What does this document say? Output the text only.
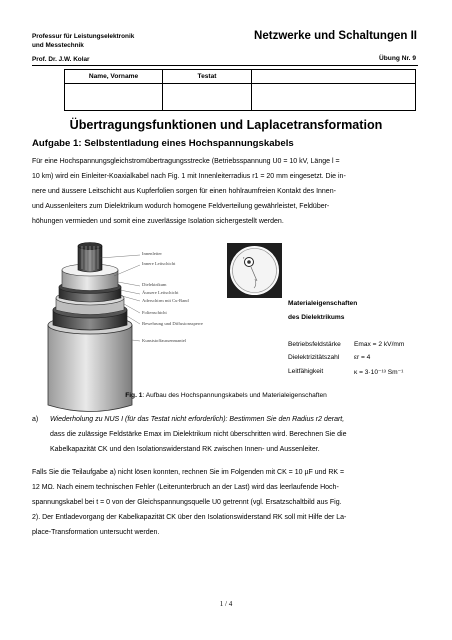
Professur für Leistungselektronik
und Messtechnik
Netzwerke und Schaltungen II
Prof. Dr. J.W. Kolar	Übung Nr. 9
Name, Vorname	Testat	

Übertragungsfunktionen und Laplacetransformation
Aufgabe 1: Selbstentladung eines Hochspannungskabels
Für eine Hochspannungsgleichstromübertragungsstrecke (Betriebsspannung U0 = 10 kV, Länge l =
10 km) wird ein Einleiter-Koaxialkabel nach Fig. 1 mit Innenleiterradius r1 = 20 mm eingesetzt. Die in-
nere und äussere Leitschicht aus Kupferfolien sorgen für einen hohlraumfreien Kontakt des Innen-
und Aussenleiters zum Dielektrikum wodurch homogene Feldverteilung gewährleistet, Feldüber-
höhungen vermieden und somit eine zuverlässige Isolation sichergestellt werden.
Innenleiter
Innere Leitschicht
Dielektrikum
Äussere Leitschicht
Aderschirm mit Cu-Band
Folienschicht
Bewehrung und Diffusionssperre
Kunststoffaussenmantel
r
Materialeigenschaften
des Dielektrikums
Betriebsfeldstärke Emax = 2 kV/mm
Dielektrizitätszahl εr = 4
Leitfähigkeit	κ = 3·10⁻¹³ Sm⁻¹
Fig. 1: Aufbau des Hochspannungskabels und Materialeigenschaften
a) Wiederholung zu NUS I (für das Testat nicht erforderlich): Bestimmen Sie den Radius r2 derart,
dass die zulässige Feldstärke Emax im Dielektrikum nicht überschritten wird. Berechnen Sie die
Kabelkapazität CK und den Isolationswiderstand RK zwischen Innen- und Aussenleiter.
Falls Sie die Teilaufgabe a) nicht lösen konnten, rechnen Sie im Folgenden mit CK = 10 µF und RK =
12 MΩ. Nach einem technischen Fehler (Leiterunterbruch an der Last) wird das leerlaufende Hoch-
spannungskabel bei t = 0 von der Gleichspannungsquelle U0 getrennt (vgl. Ersatzschaltbild aus Fig.
2). Der Entladevorgang der Kabelkapazität CK über den Isolationswiderstand RK soll mit Hilfe der La-
place-Transformation untersucht werden.
1 / 4
